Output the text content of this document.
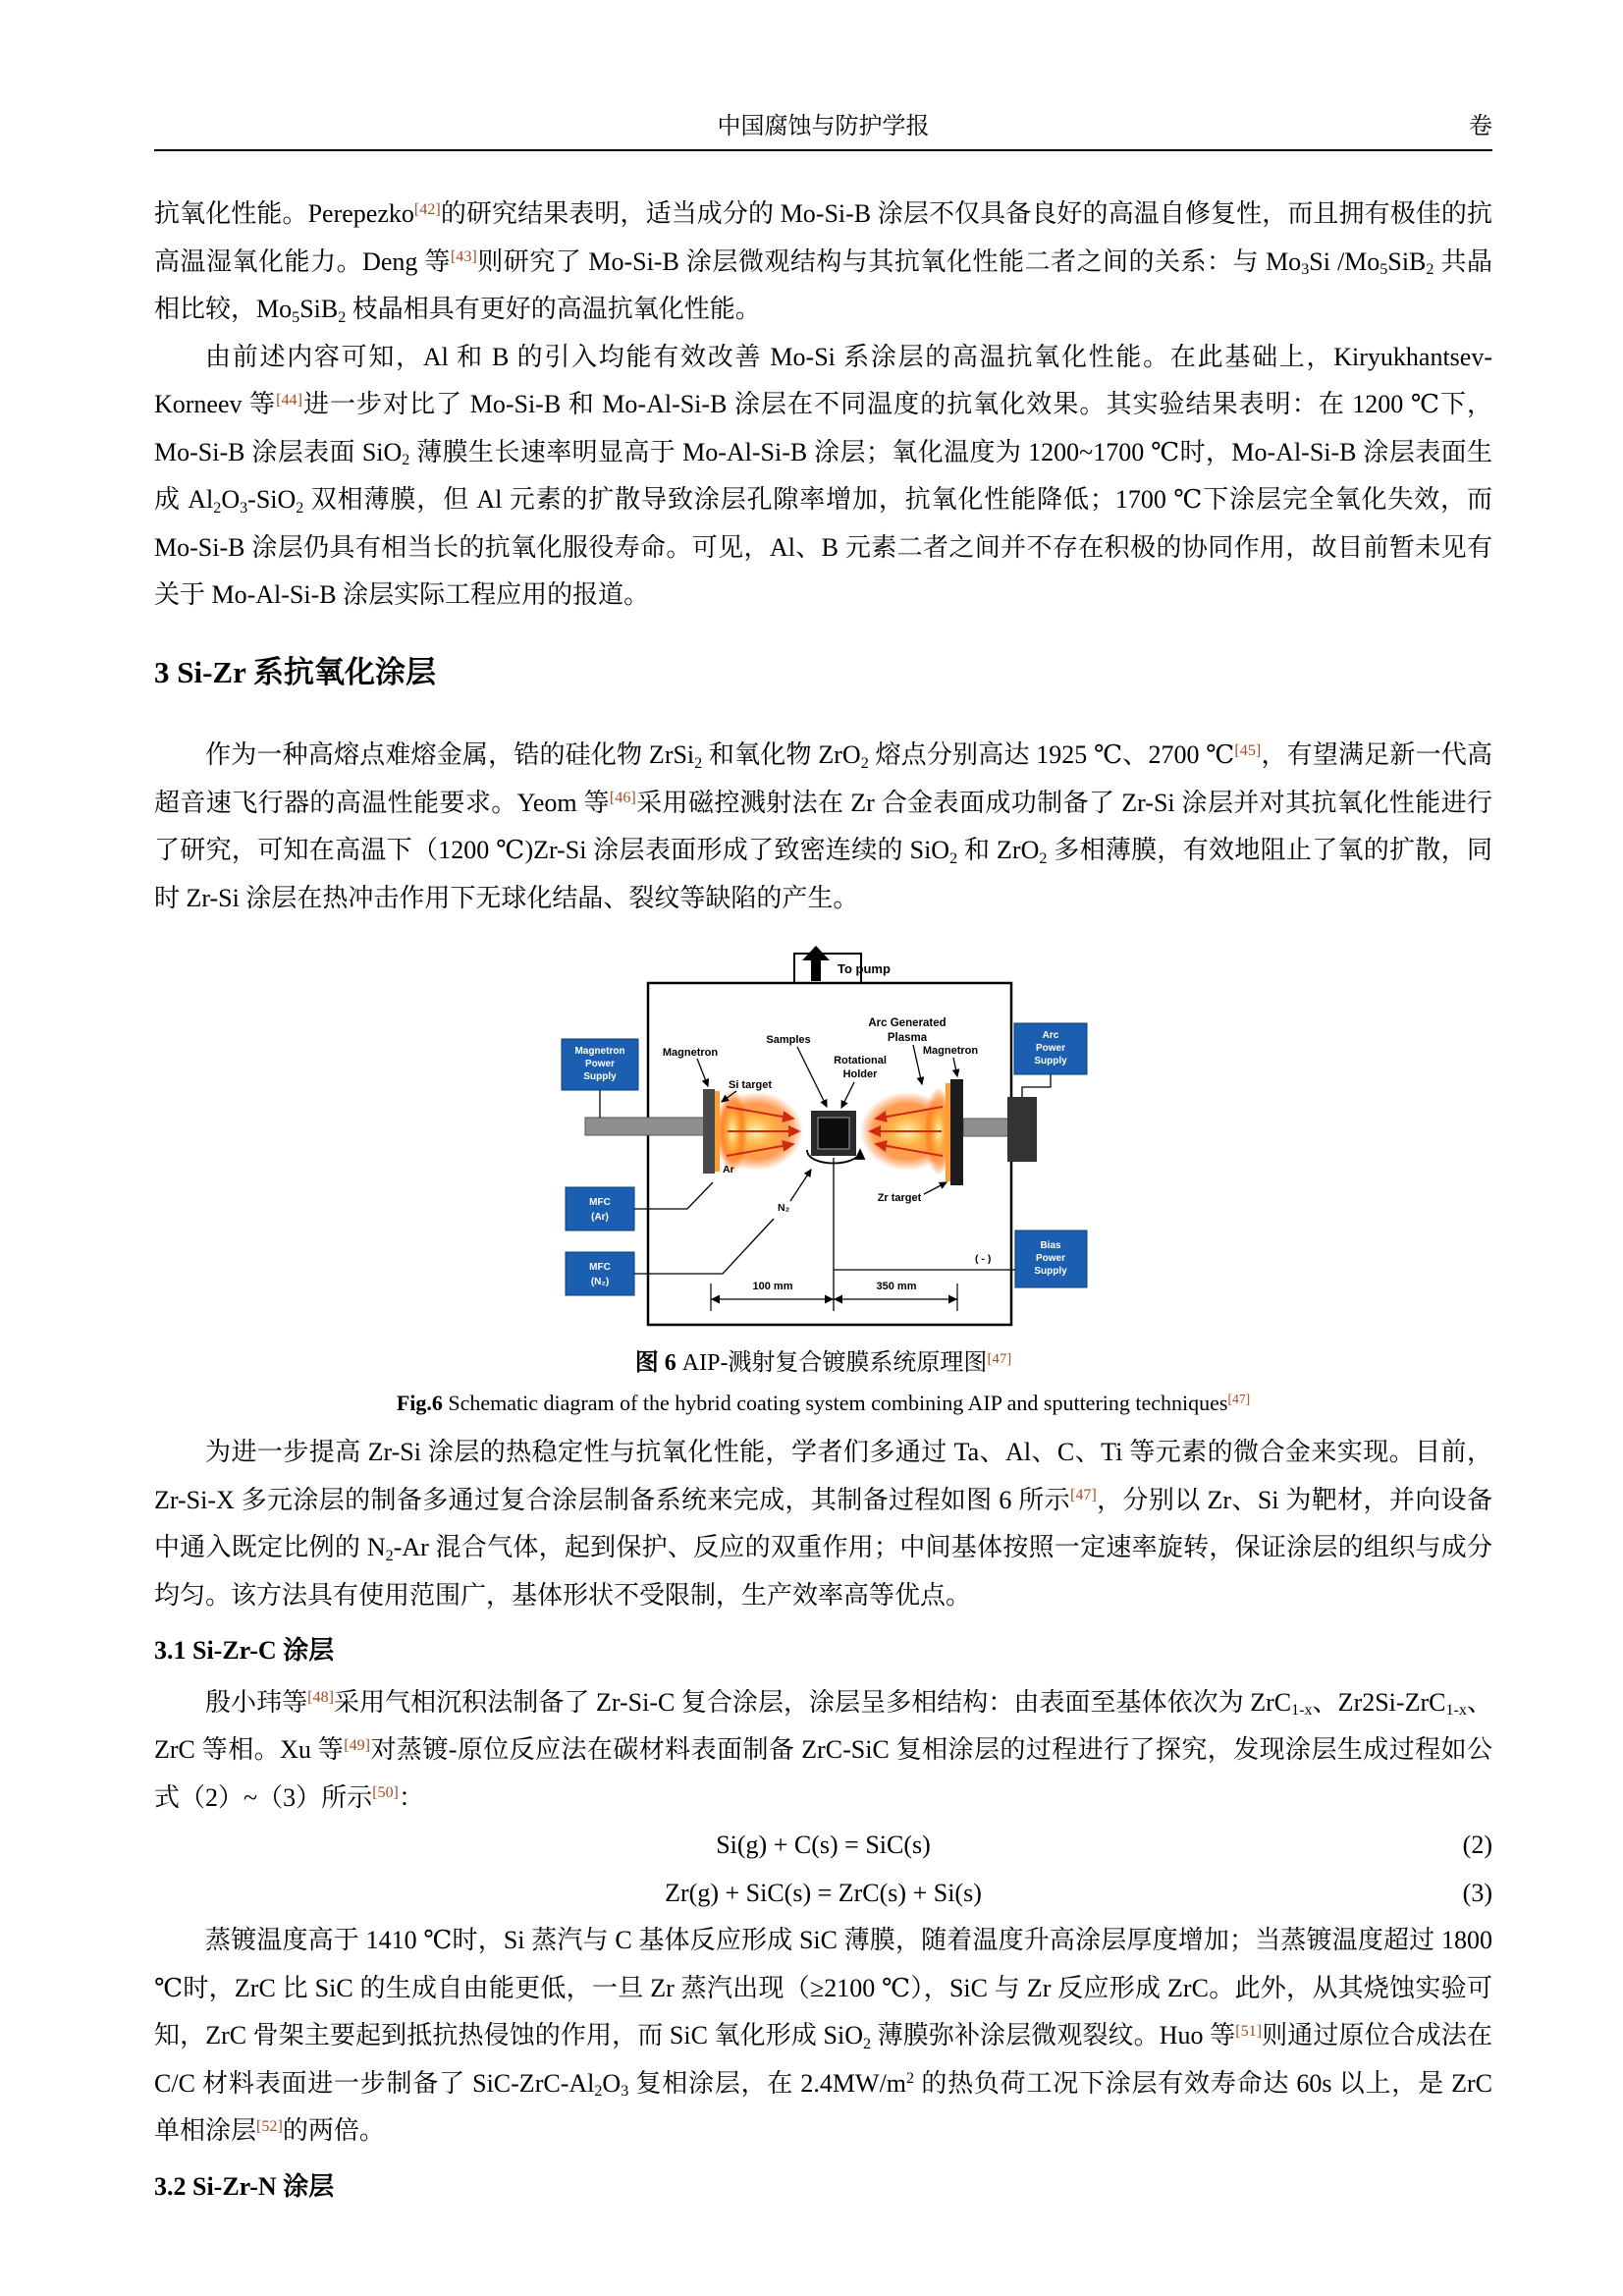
中国腐蚀与防护学报	卷

抗氧化性能。Perepezko[42]的研究结果表明，适当成分的 Mo-Si-B 涂层不仅具备良好的高温自修复性，而且拥有极佳的抗高温湿氧化能力。Deng 等[43]则研究了 Mo-Si-B 涂层微观结构与其抗氧化性能二者之间的关系：与 $Mo_3Si$ $/Mo_5SiB_2$ 共晶相比较，$Mo_5SiB_2$ 枝晶相具有更好的高温抗氧化性能。

由前述内容可知，Al 和 B 的引入均能有效改善 Mo-Si 系涂层的高温抗氧化性能。在此基础上，Kiryukhantsev-Korneev 等[44]进一步对比了 Mo-Si-B 和 Mo-Al-Si-B 涂层在不同温度的抗氧化效果。其实验结果表明：在 1200 ℃下，Mo-Si-B 涂层表面 SiO$_2$ 薄膜生长速率明显高于 Mo-Al-Si-B 涂层；氧化温度为 1200~1700 ℃时，Mo-Al-Si-B 涂层表面生成 $Al_2O_3-SiO_2$ 双相薄膜，但 Al 元素的扩散导致涂层孔隙率增加，抗氧化性能降低；1700 ℃下涂层完全氧化失效，而 Mo-Si-B 涂层仍具有相当长的抗氧化服役寿命。可见，Al、B 元素二者之间并不存在积极的协同作用，故目前暂未见有关于 Mo-Al-Si-B 涂层实际工程应用的报道。

3 Si-Zr 系抗氧化涂层

作为一种高熔点难熔金属，锆的硅化物 ZrSi$_2$ 和氧化物 ZrO$_2$ 熔点分别高达 1925 ℃、2700 ℃[45]，有望满足新一代高超音速飞行器的高温性能要求。Yeom 等[46]采用磁控溅射法在 Zr 合金表面成功制备了 Zr-Si 涂层并对其抗氧化性能进行了研究，可知在高温下（1200 ℃)Zr-Si 涂层表面形成了致密连续的 SiO$_2$ 和 ZrO$_2$ 多相薄膜，有效地阻止了氧的扩散，同时 Zr-Si 涂层在热冲击作用下无球化结晶、裂纹等缺陷的产生。

To pump
Magnetron
Power
Supply
Arc
Power
Supply
MFC
(Ar)
MFC
(N₂)
Bias
Power
Supply
Arc Generated
Plasma
Magnetron
Samples
Rotational
Holder
Magnetron
Si target
Ar
N₂
Zr target
( - )
100 mm	350 mm
图 6 AIP-溅射复合镀膜系统原理图[47]
Fig.6 Schematic diagram of the hybrid coating system combining AIP and sputtering techniques[47]

为进一步提高 Zr-Si 涂层的热稳定性与抗氧化性能，学者们多通过 Ta、Al、C、Ti 等元素的微合金来实现。目前，Zr-Si-X 多元涂层的制备多通过复合涂层制备系统来完成，其制备过程如图 6 所示[47]，分别以 Zr、Si 为靶材，并向设备中通入既定比例的 $N_2-Ar$ 混合气体，起到保护、反应的双重作用；中间基体按照一定速率旋转，保证涂层的组织与成分均匀。该方法具有使用范围广，基体形状不受限制，生产效率高等优点。

3.1 Si-Zr-C 涂层

殷小玮等[48]采用气相沉积法制备了 Zr-Si-C 复合涂层，涂层呈多相结构：由表面至基体依次为 ZrC$_{1-x}$、Zr2Si-ZrC$_{1-x}$、ZrC 等相。Xu 等[49]对蒸镀-原位反应法在碳材料表面制备 ZrC-SiC 复相涂层的过程进行了探究，发现涂层生成过程如公式（2）~（3）所示[50]：

Si(g) + C(s) = SiC(s)	(2)
Zr(g) + SiC(s) = ZrC(s) + Si(s)	(3)

蒸镀温度高于 1410 ℃时，Si 蒸汽与 C 基体反应形成 SiC 薄膜，随着温度升高涂层厚度增加；当蒸镀温度超过 1800 ℃时，ZrC 比 SiC 的生成自由能更低，一旦 Zr 蒸汽出现（≥2100 ℃），SiC 与 Zr 反应形成 ZrC。此外，从其烧蚀实验可知，ZrC 骨架主要起到抵抗热侵蚀的作用，而 SiC 氧化形成 SiO$_2$ 薄膜弥补涂层微观裂纹。Huo 等[51]则通过原位合成法在 C/C 材料表面进一步制备了 SiC-$ZrC-Al_2O_3$ 复相涂层，在 $2.4MW/m^2$ 的热负荷工况下涂层有效寿命达 60s 以上，是 ZrC 单相涂层[52]的两倍。

3.2 Si-Zr-N 涂层
